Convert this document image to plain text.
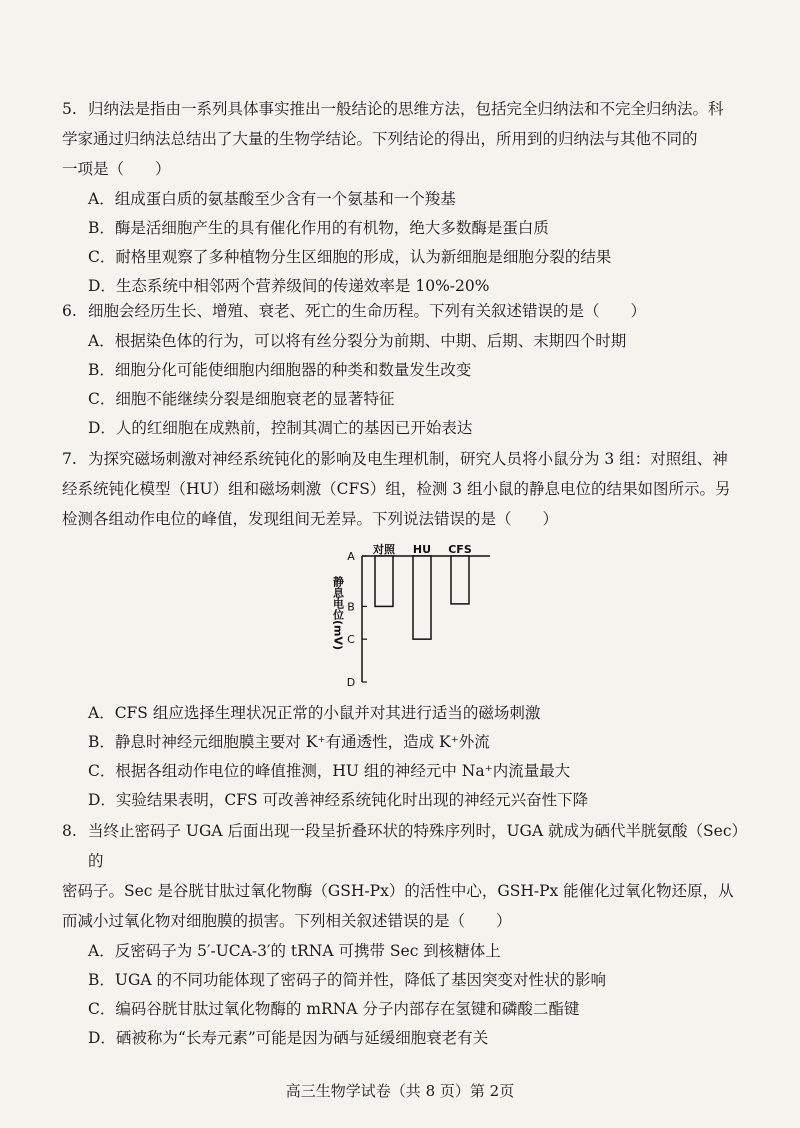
5. 归纳法是指由一系列具体事实推出一般结论的思维方法，包括完全归纳法和不完全归纳法。科
学家通过归纳法总结出了大量的生物学结论。下列结论的得出，所用到的归纳法与其他不同的
一项是（　　）
A．组成蛋白质的氨基酸至少含有一个氨基和一个羧基
B．酶是活细胞产生的具有催化作用的有机物，绝大多数酶是蛋白质
C．耐格里观察了多种植物分生区细胞的形成，认为新细胞是细胞分裂的结果
D．生态系统中相邻两个营养级间的传递效率是 10%-20%
6. 细胞会经历生长、增殖、衰老、死亡的生命历程。下列有关叙述错误的是（　　）
A．根据染色体的行为，可以将有丝分裂分为前期、中期、后期、末期四个时期
B．细胞分化可能使细胞内细胞器的种类和数量发生改变
C．细胞不能继续分裂是细胞衰老的显著特征
D．人的红细胞在成熟前，控制其凋亡的基因已开始表达
7. 为探究磁场刺激对神经系统钝化的影响及电生理机制，研究人员将小鼠分为 3 组：对照组、神
经系统钝化模型（HU）组和磁场刺激（CFS）组，检测 3 组小鼠的静息电位的结果如图所示。另
检测各组动作电位的峰值，发现组间无差异。下列说法错误的是（　　）
A
B
C
D
静息电位(mV)
对照 HU CFS
A．CFS 组应选择生理状况正常的小鼠并对其进行适当的磁场刺激
B．静息时神经元细胞膜主要对 K⁺有通透性，造成 K⁺外流
C．根据各组动作电位的峰值推测，HU 组的神经元中 Na⁺内流量最大
D．实验结果表明，CFS 可改善神经系统钝化时出现的神经元兴奋性下降
8. 当终止密码子 UGA 后面出现一段呈折叠环状的特殊序列时，UGA 就成为硒代半胱氨酸（Sec）的
密码子。Sec 是谷胱甘肽过氧化物酶（GSH-Px）的活性中心，GSH-Px 能催化过氧化物还原，从
而减小过氧化物对细胞膜的损害。下列相关叙述错误的是（　　）
A．反密码子为 5′-UCA-3′的 tRNA 可携带 Sec 到核糖体上
B．UGA 的不同功能体现了密码子的简并性，降低了基因突变对性状的影响
C．编码谷胱甘肽过氧化物酶的 mRNA 分子内部存在氢键和磷酸二酯键
D．硒被称为“长寿元素”可能是因为硒与延缓细胞衰老有关
高三生物学试卷（共 8 页）第 2页
